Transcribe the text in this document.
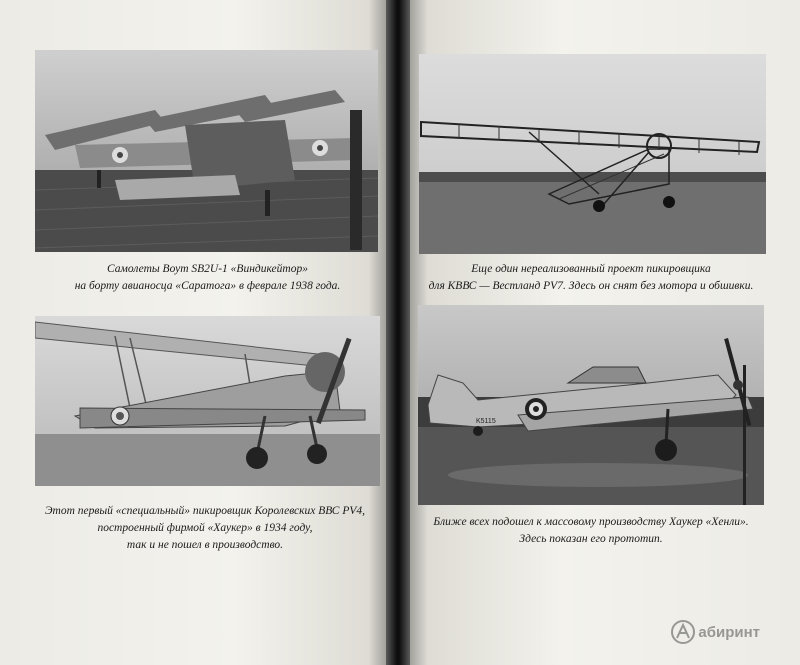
Самолеты Воут SB2U-1 «Виндикейтор»
на борту авианосца «Саратога» в феврале 1938 года.
Этот первый «специальный» пикировщик Королевских ВВС PV4,
построенный фирмой «Хаукер» в 1934 году,
так и не пошел в производство.
Еще один нереализованный проект пикировщика
для КВВС — Вестланд PV7. Здесь он снят без мотора и обшивки.
K5115
Ближе всех подошел к массовому производству Хаукер «Хенли».
Здесь показан его прототип.
абиринт
